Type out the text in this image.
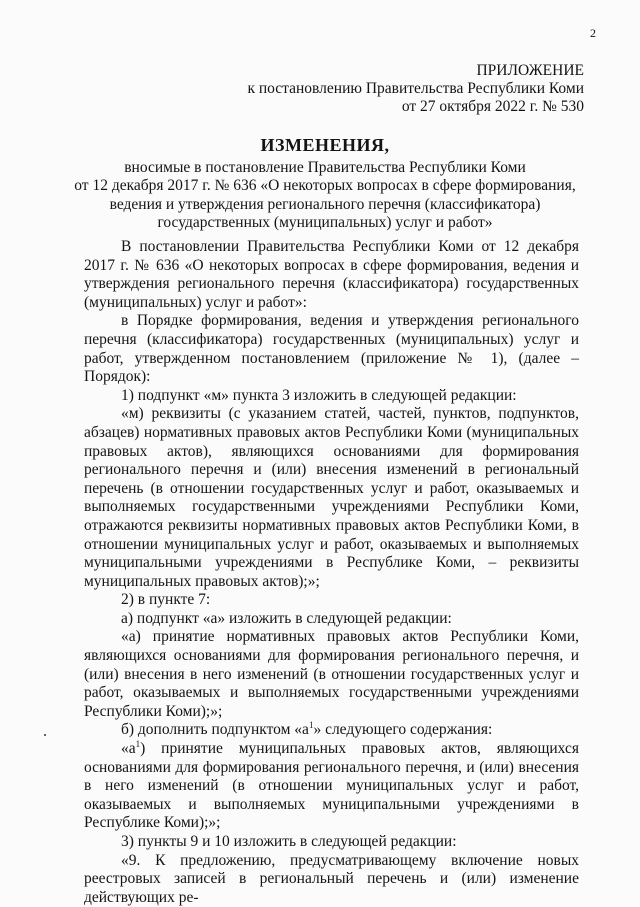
2
ПРИЛОЖЕНИЕ
к постановлению Правительства Республики Коми
от 27 октября 2022 г. № 530
ИЗМЕНЕНИЯ,
вносимые в постановление Правительства Республики Коми
от 12 декабря 2017 г. № 636 «О некоторых вопросах в сфере формирования,
ведения и утверждения регионального перечня (классификатора)
государственных (муниципальных) услуг и работ»

В постановлении Правительства Республики Коми от 12 декабря 2017 г. № 636 «О некоторых вопросах в сфере формирования, ведения и утверждения регионального перечня (классификатора) государственных (муниципальных) услуг и работ»:

в Порядке формирования, ведения и утверждения регионального перечня (классификатора) государственных (муниципальных) услуг и работ, утвержденном постановлением (приложение № 1), (далее – Порядок):

1) подпункт «м» пункта 3 изложить в следующей редакции:

«м) реквизиты (с указанием статей, частей, пунктов, подпунктов, абзацев) нормативных правовых актов Республики Коми (муниципальных правовых актов), являющихся основаниями для формирования регионального перечня и (или) внесения изменений в региональный перечень (в отношении государственных услуг и работ, оказываемых и выполняемых государственными учреждениями Республики Коми, отражаются реквизиты нормативных правовых актов Республики Коми, в отношении муниципальных услуг и работ, оказываемых и выполняемых муниципальными учреждениями в Республике Коми, – реквизиты муниципальных правовых актов);»;

2) в пункте 7:

а) подпункт «а» изложить в следующей редакции:

«а) принятие нормативных правовых актов Республики Коми, являющихся основаниями для формирования регионального перечня, и (или) внесения в него изменений (в отношении государственных услуг и работ, оказываемых и выполняемых государственными учреждениями Республики Коми);»;

б) дополнить подпунктом «$а^1$» следующего содержания:

«$а^1$) принятие муниципальных правовых актов, являющихся основаниями для формирования регионального перечня, и (или) внесения в него изменений (в отношении муниципальных услуг и работ, оказываемых и выполняемых муниципальными учреждениями в Республике Коми);»;

3) пункты 9 и 10 изложить в следующей редакции:

«9. К предложению, предусматривающему включение новых реестровых записей в региональный перечень и (или) изменение действующих ре-
